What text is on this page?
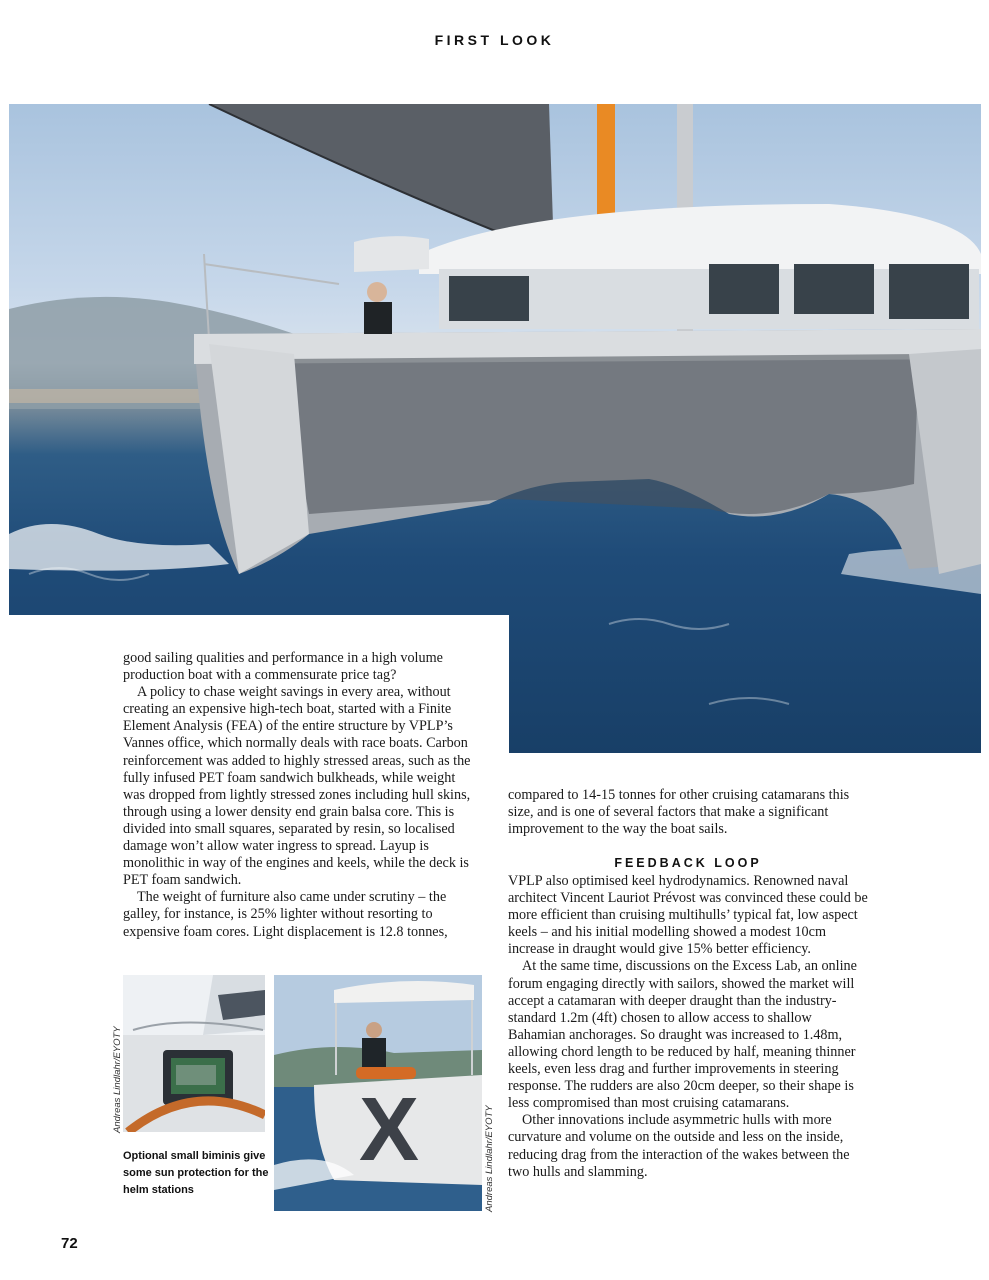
FIRST LOOK

good sailing qualities and performance in a high volume production boat with a commensurate price tag?

A policy to chase weight savings in every area, without creating an expensive high-tech boat, started with a Finite Element Analysis (FEA) of the entire structure by VPLP’s Vannes office, which normally deals with race boats. Carbon reinforcement was added to highly stressed areas, such as the fully infused PET foam sandwich bulkheads, while weight was dropped from lightly stressed zones including hull skins, through using a lower density end grain balsa core. This is divided into small squares, separated by resin, so localised damage won’t allow water ingress to spread. Layup is monolithic in way of the engines and keels, while the deck is PET foam sandwich.

The weight of furniture also came under scrutiny – the galley, for instance, is 25% lighter without resorting to expensive foam cores. Light displacement is 12.8 tonnes,

compared to 14-15 tonnes for other cruising catamarans this size, and is one of several factors that make a significant improvement to the way the boat sails.

FEEDBACK LOOP

VPLP also optimised keel hydrodynamics. Renowned naval architect Vincent Lauriot Prévost was convinced these could be more efficient than cruising multihulls’ typical fat, low aspect keels – and his initial modelling showed a modest 10cm increase in draught would give 15% better efficiency.

At the same time, discussions on the Excess Lab, an online forum engaging directly with sailors, showed the market will accept a catamaran with deeper draught than the industry-standard 1.2m (4ft) chosen to allow access to shallow Bahamian anchorages. So draught was increased to 1.48m, allowing chord length to be reduced by half, meaning thinner keels, even less drag and further improvements in steering response. The rudders are also 20cm deeper, so their shape is less compromised than most cruising catamarans.

Other innovations include asymmetric hulls with more curvature and volume on the outside and less on the inside, reducing drag from the interaction of the wakes between the two hulls and slamming.

X
Andreas Lindlahr/EYOTY
Andreas Lindlahr/EYOTY
Optional small biminis give some sun protection for the helm stations
72
